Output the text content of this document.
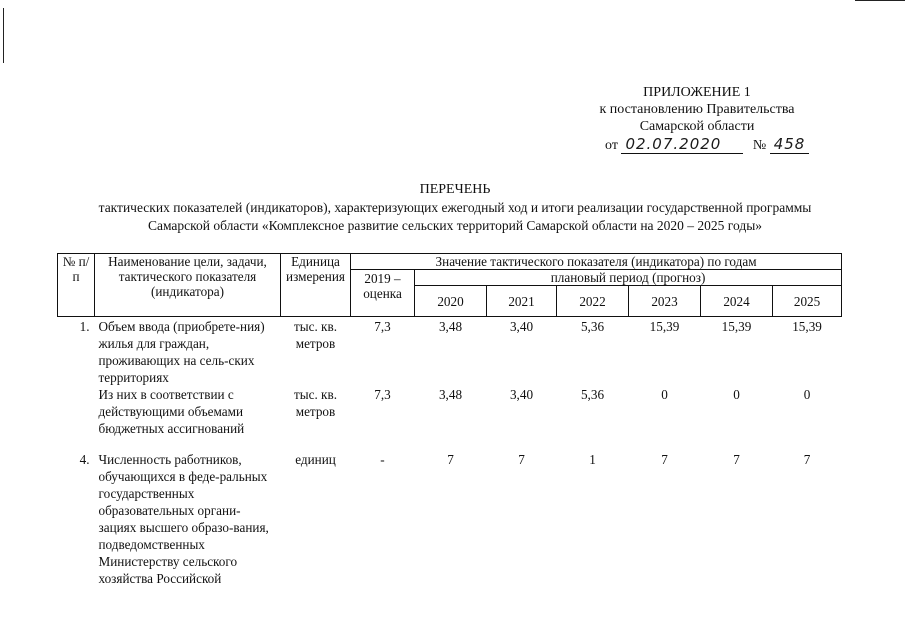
ПРИЛОЖЕНИЕ 1
к постановлению Правительства
Самарской области
от 02.07.2020 № 458
ПЕРЕЧЕНЬ
тактических показателей (индикаторов), характеризующих ежегодный ход и итоги реализации государственной программы
Самарской области «Комплексное развитие сельских территорий Самарской области на 2020 – 2025 годы»
№ п/п	Наименование цели, задачи, тактического показателя (индикатора)	Единица измерения	Значение тактического показателя (индикатора) по годам						
			2019 – оценка	плановый период (прогноз)					
				2020	2021	2022	2023	2024	2025
1.	Объем ввода (приобрете-ния) жилья для граждан, проживающих на сель-ских территориях	тыс. кв. метров	7,3	3,48	3,40	5,36	15,39	15,39	15,39
	Из них в соответствии с действующими объемами бюджетных ассигнований	тыс. кв. метров	7,3	3,48	3,40	5,36	0	0	0
4.	Численность работников, обучающихся в феде-ральных государственных образовательных органи-зациях высшего образо-вания, подведомственных Министерству сельского хозяйства Российской	единиц	-	7	7	1	7	7	7
